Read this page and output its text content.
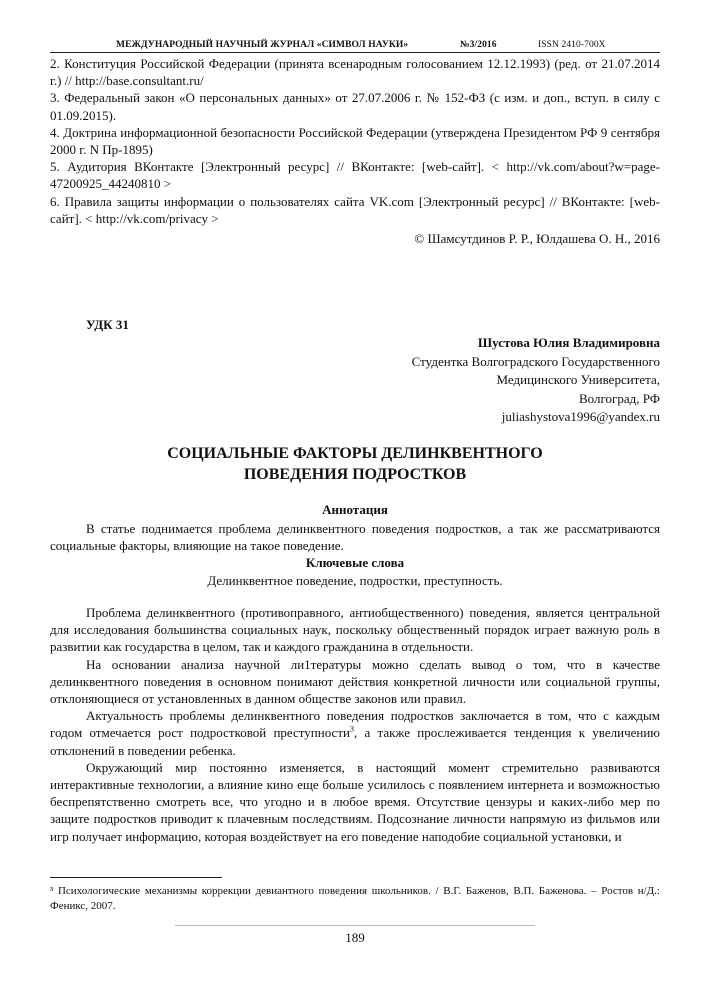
МЕЖДУНАРОДНЫЙ НАУЧНЫЙ ЖУРНАЛ «СИМВОЛ НАУКИ»	№3/2016	ISSN 2410-700Х

2. Конституция Российской Федерации (принята всенародным голосованием 12.12.1993) (ред. от 21.07.2014 г.) // http://base.consultant.ru/

3. Федеральный закон «О персональных данных» от 27.07.2006 г. № 152-ФЗ (с изм. и доп., вступ. в силу с 01.09.2015).

4. Доктрина информационной безопасности Российской Федерации (утверждена Президентом РФ 9 сентября 2000 г. N Пр-1895)

5. Аудитория ВКонтакте [Электронный ресурс] // ВКонтакте: [web-сайт]. < http://vk.com/about?w=page-47200925_44240810 >

6. Правила защиты информации о пользователях сайта VK.com [Электронный ресурс] // ВКонтакте: [web-сайт]. < http://vk.com/privacy >

© Шамсутдинов Р. Р., Юлдашева О. Н., 2016
УДК 31
Шустова Юлия Владимировна
Студентка Волгоградского Государственного
Медицинского Университета,
Волгоград, РФ
juliashystova1996@yandex.ru
СОЦИАЛЬНЫЕ ФАКТОРЫ ДЕЛИНКВЕНТНОГО
ПОВЕДЕНИЯ ПОДРОСТКОВ
Аннотация

В статье поднимается проблема делинквентного поведения подростков, а так же рассматриваются социальные факторы, влияющие на такое поведение.

Ключевые слова
Делинквентное поведение, подростки, преступность.

Проблема делинквентного (противоправного, антиобщественного) поведения, является центральной для исследования большинства социальных наук, поскольку общественный порядок играет важную роль в развитии как государства в целом, так и каждого гражданина в отдельности.

На основании анализа научной ли1тературы можно сделать вывод о том, что в качестве делинквентного поведения в основном понимают действия конкретной личности или социальной группы, отклоняющиеся от установленных в данном обществе законов или правил.

Актуальность проблемы делинквентного поведения подростков заключается в том, что с каждым годом отмечается рост подростковой преступности$^3$, а также прослеживается тенденция к увеличению отклонений в поведении ребенка.

Окружающий мир постоянно изменяется, в настоящий момент стремительно развиваются интерактивные технологии, а влияние кино еще больше усилилось с появлением интернета и возможностью беспрепятственно смотреть все, что угодно и в любое время. Отсутствие цензуры и каких-либо мер по защите подростков приводит к плачевным последствиям. Подсознание личности напрямую из фильмов или игр получает информацию, которая воздействует на его поведение наподобие социальной установки, и

³ Психологические механизмы коррекции девиантного поведения школьников. / В.Г. Баженов, В.П. Баженова. – Ростов н/Д.: Феникс, 2007.
189
